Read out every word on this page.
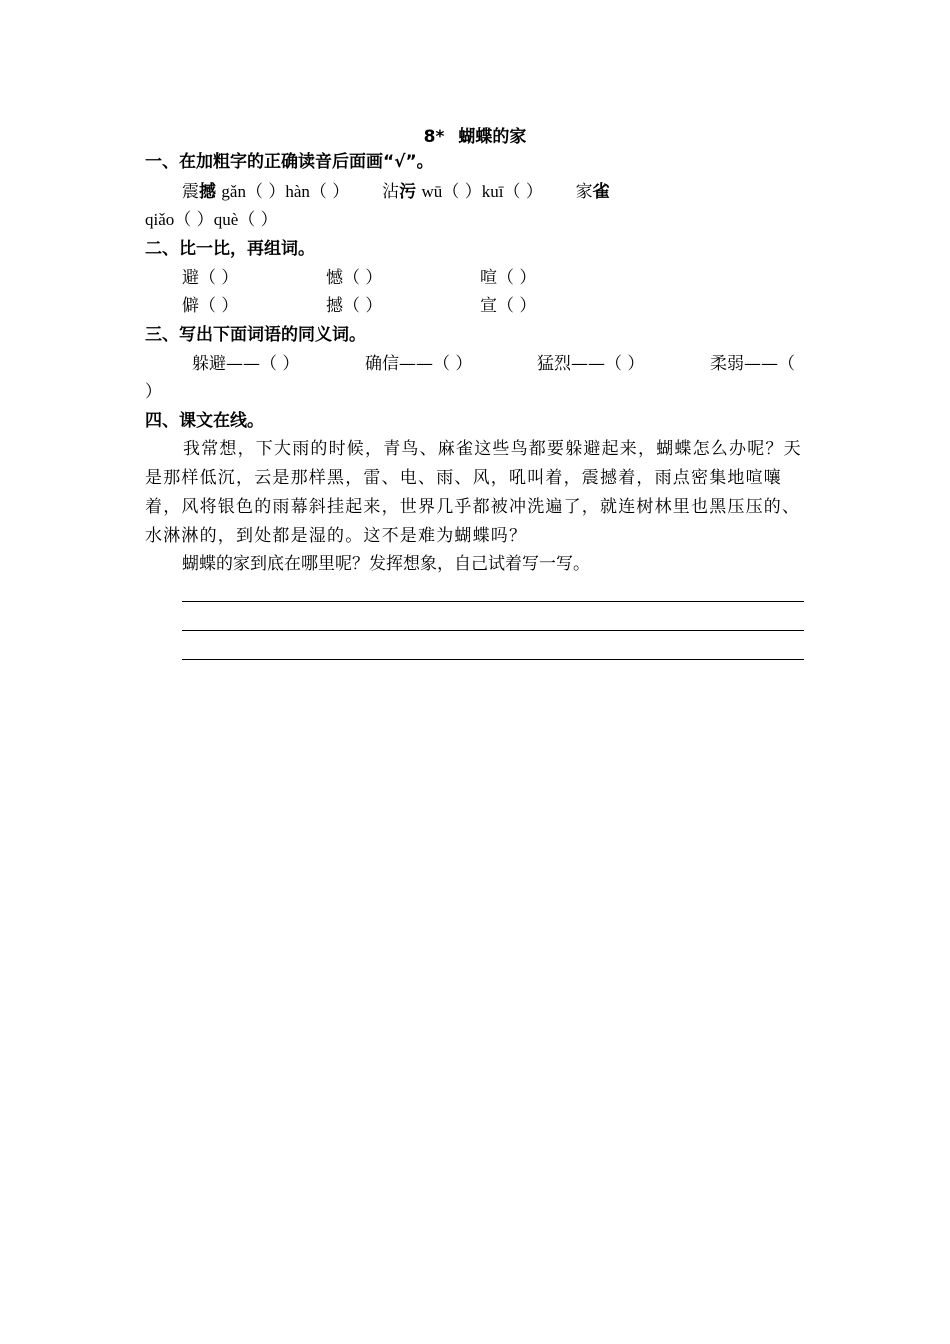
8* 蝴蝶的家
一、在加粗字的正确读音后面画“√”。
震撼 gǎn（ ）hàn（ ） 沾污 wū（ ）kuī（ ） 家雀
qiǎo（ ）què（ ）
二、比一比，再组词。
避（ ）	憾（ ）	喧（ ）
僻（ ）	撼（ ）	宣（ ）
三、写出下面词语的同义词。
躲避——（ ）	确信——（ ）	猛烈——（ ）	柔弱——（
）
四、课文在线。
我常想，下大雨的时候，青鸟、麻雀这些鸟都要躲避起来，蝴蝶怎么办呢？天是那样低沉，云是那样黑，雷、电、雨、风，吼叫着，震撼着，雨点密集地喧嚷着，风将银色的雨幕斜挂起来，世界几乎都被冲洗遍了，就连树林里也黑压压的、水淋淋的，到处都是湿的。这不是难为蝴蝶吗？
蝴蝶的家到底在哪里呢？发挥想象，自己试着写一写。
